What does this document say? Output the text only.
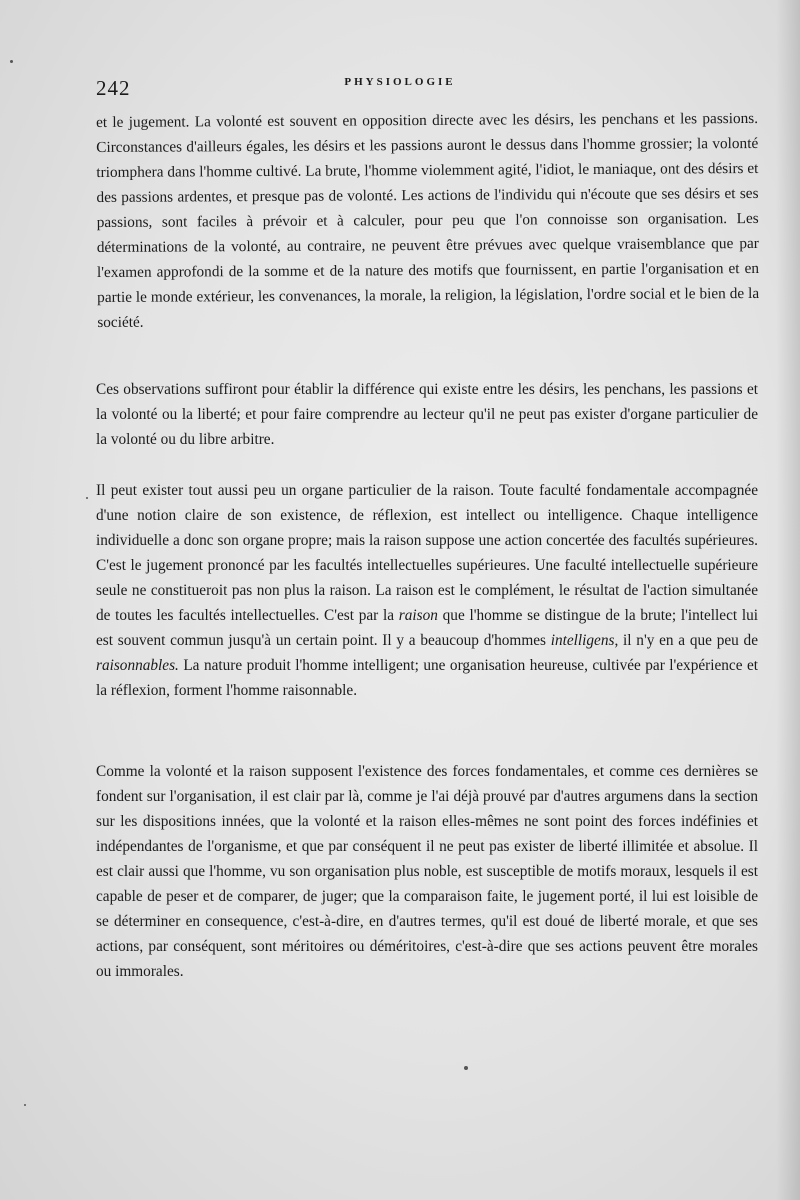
242	PHYSIOLOGIE

et le jugement. La volonté est souvent en opposition directe avec les désirs, les penchans et les passions. Circonstances d'ailleurs égales, les désirs et les passions auront le dessus dans l'homme grossier; la volonté triomphera dans l'homme cultivé. La brute, l'homme violemment agité, l'idiot, le maniaque, ont des désirs et des passions ardentes, et presque pas de volonté. Les actions de l'individu qui n'écoute que ses désirs et ses passions, sont faciles à prévoir et à calculer, pour peu que l'on connoisse son organisation. Les déterminations de la volonté, au contraire, ne peuvent être prévues avec quelque vraisemblance que par l'examen approfondi de la somme et de la nature des motifs que fournissent, en partie l'organisation et en partie le monde extérieur, les convenances, la morale, la religion, la législation, l'ordre social et le bien de la société.

Ces observations suffiront pour établir la différence qui existe entre les désirs, les penchans, les passions et la volonté ou la liberté; et pour faire comprendre au lecteur qu'il ne peut pas exister d'organe particulier de la volonté ou du libre arbitre.

Il peut exister tout aussi peu un organe particulier de la raison. Toute faculté fondamentale accompagnée d'une notion claire de son existence, de réflexion, est intellect ou intelligence. Chaque intelligence individuelle a donc son organe propre; mais la raison suppose une action concertée des facultés supérieures. C'est le jugement prononcé par les facultés intellectuelles supérieures. Une faculté intellectuelle supérieure seule ne constitueroit pas non plus la raison. La raison est le complément, le résultat de l'action simultanée de toutes les facultés intellectuelles. C'est par la raison que l'homme se distingue de la brute; l'intellect lui est souvent commun jusqu'à un certain point. Il y a beaucoup d'hommes intelligens, il n'y en a que peu de raisonnables. La nature produit l'homme intelligent; une organisation heureuse, cultivée par l'expérience et la réflexion, forment l'homme raisonnable.

Comme la volonté et la raison supposent l'existence des forces fondamentales, et comme ces dernières se fondent sur l'organisation, il est clair par là, comme je l'ai déjà prouvé par d'autres argumens dans la section sur les dispositions innées, que la volonté et la raison elles-mêmes ne sont point des forces indéfinies et indépendantes de l'organisme, et que par conséquent il ne peut pas exister de liberté illimitée et absolue. Il est clair aussi que l'homme, vu son organisation plus noble, est susceptible de motifs moraux, lesquels il est capable de peser et de comparer, de juger; que la comparaison faite, le jugement porté, il lui est loisible de se déterminer en consequence, c'est-à-dire, en d'autres termes, qu'il est doué de liberté morale, et que ses actions, par conséquent, sont méritoires ou déméritoires, c'est-à-dire que ses actions peuvent être morales ou immorales.
